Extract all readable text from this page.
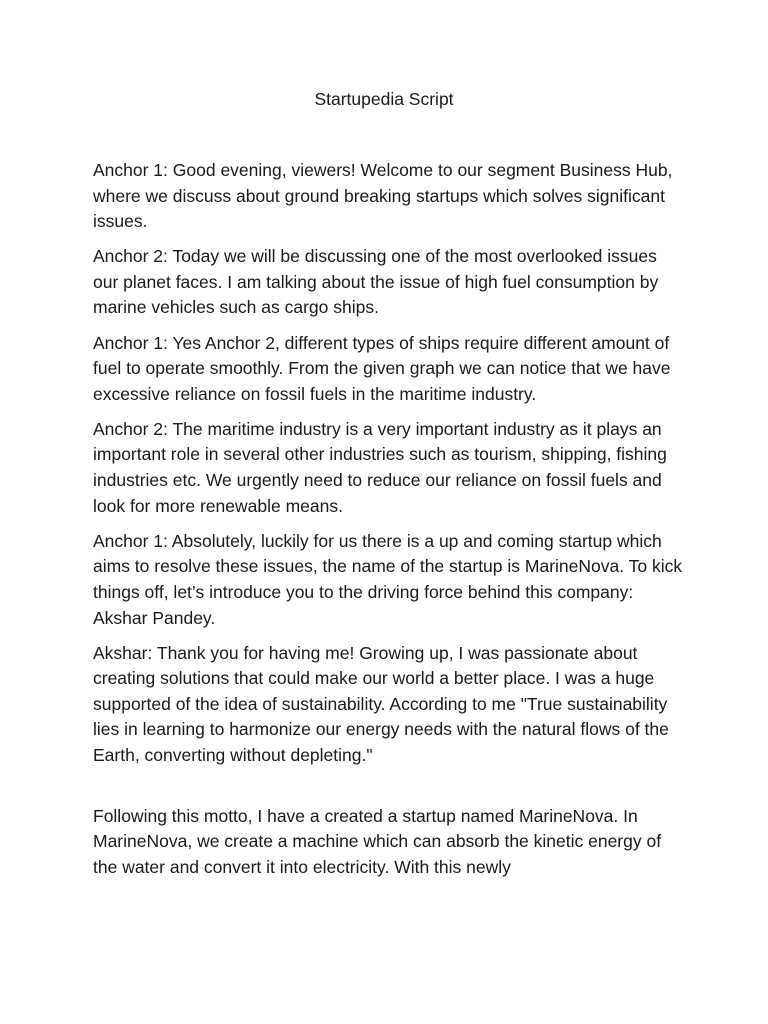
Startupedia Script

Anchor 1: Good evening, viewers! Welcome to our segment Business Hub, where we discuss about ground breaking startups which solves significant issues.

Anchor 2: Today we will be discussing one of the most overlooked issues our planet faces. I am talking about the issue of high fuel consumption by marine vehicles such as cargo ships.

Anchor 1: Yes Anchor 2, different types of ships require different amount of fuel to operate smoothly. From the given graph we can notice that we have excessive reliance on fossil fuels in the maritime industry.

Anchor 2: The maritime industry is a very important industry as it plays an important role in several other industries such as tourism, shipping, fishing industries etc. We urgently need to reduce our reliance on fossil fuels and look for more renewable means.

Anchor 1: Absolutely, luckily for us there is a up and coming startup which aims to resolve these issues, the name of the startup is MarineNova. To kick things off, let’s introduce you to the driving force behind this company: Akshar Pandey.

Akshar: Thank you for having me! Growing up, I was passionate about creating solutions that could make our world a better place. I was a huge supported of the idea of sustainability. According to me "True sustainability lies in learning to harmonize our energy needs with the natural flows of the Earth, converting without depleting."

Following this motto, I have a created a startup named MarineNova. In MarineNova, we create a machine which can absorb the kinetic energy of the water and convert it into electricity. With this newly
